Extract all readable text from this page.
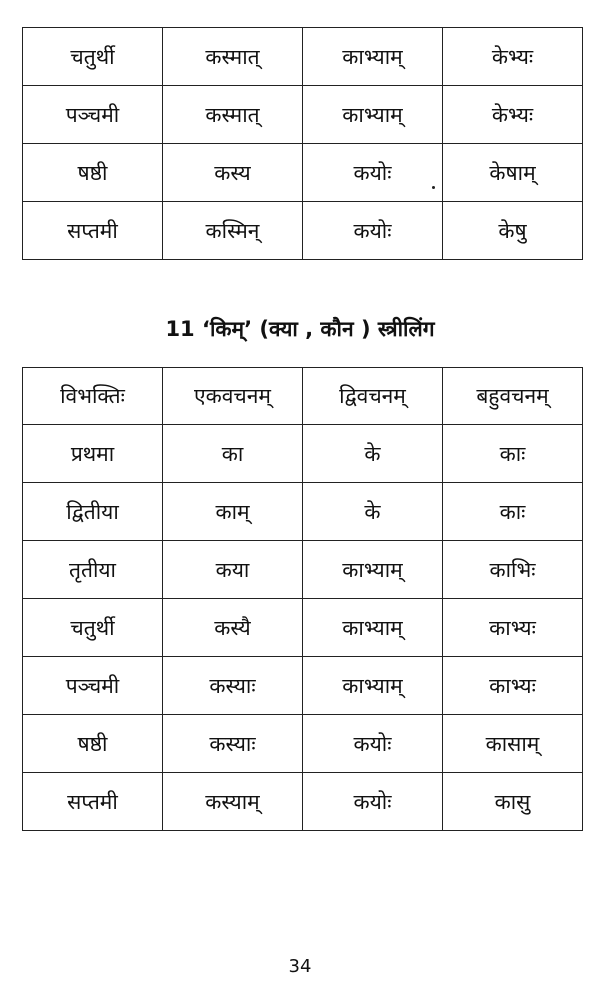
चतुर्थी	कस्मात्	काभ्याम्	केभ्यः
पञ्चमी	कस्मात्	काभ्याम्	केभ्यः
षष्ठी	कस्य	कयोः	केषाम्
सप्तमी	कस्मिन्	कयोः	केषु
11 ‘किम्’ (क्या , कौन ) स्त्रीलिंग
विभक्तिः	एकवचनम्	द्विवचनम्	बहुवचनम्
प्रथमा	का	के	काः
द्वितीया	काम्	के	काः
तृतीया	कया	काभ्याम्	काभिः
चतुर्थी	कस्यै	काभ्याम्	काभ्यः
पञ्चमी	कस्याः	काभ्याम्	काभ्यः
षष्ठी	कस्याः	कयोः	कासाम्
सप्तमी	कस्याम्	कयोः	कासु
34
